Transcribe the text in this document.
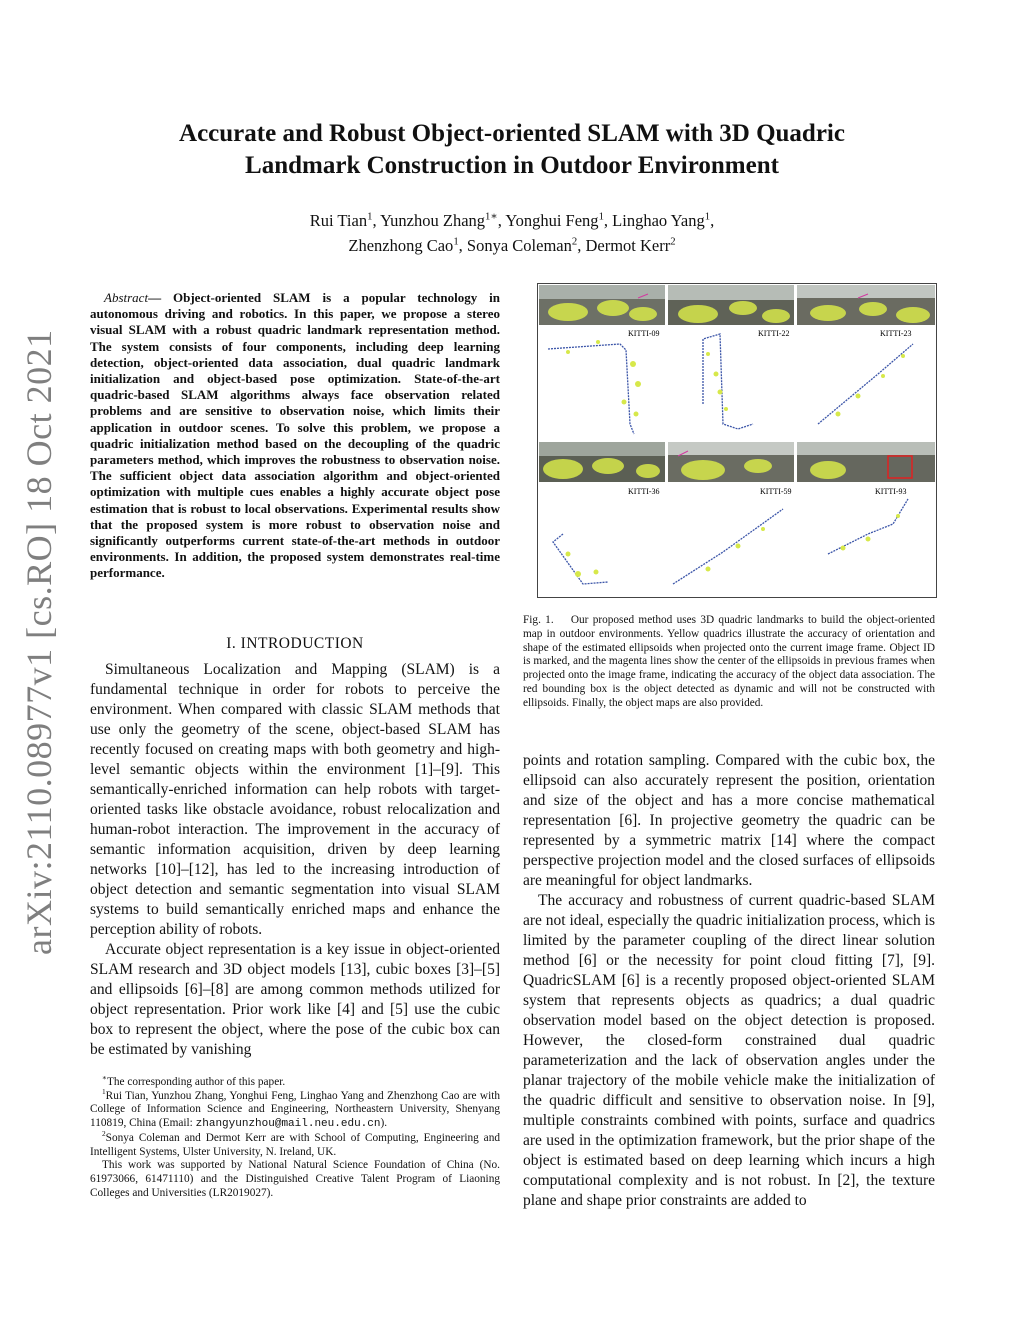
Accurate and Robust Object-oriented SLAM with 3D Quadric
Landmark Construction in Outdoor Environment
Rui Tian$^1$, Yunzhou Zhang$^{1∗}$, Yonghui Feng$^1$, Linghao Yang$^1$,
Zhenzhong Cao$^1$, Sonya Coleman$^2$, Dermot Kerr$^2$
arXiv:2110.08977v1 [cs.RO] 18 Oct 2021
Abstract— Object-oriented SLAM is a popular technology in autonomous driving and robotics. In this paper, we propose a stereo visual SLAM with a robust quadric landmark representation method. The system consists of four components, including deep learning detection, object-oriented data association, dual quadric landmark initialization and object-based pose optimization. State-of-the-art quadric-based SLAM algorithms always face observation related problems and are sensitive to observation noise, which limits their application in outdoor scenes. To solve this problem, we propose a quadric initialization method based on the decoupling of the quadric parameters method, which improves the robustness to observation noise. The sufficient object data association algorithm and object-oriented optimization with multiple cues enables a highly accurate object pose estimation that is robust to local observations. Experimental results show that the proposed system is more robust to observation noise and significantly outperforms current state-of-the-art methods in outdoor environments. In addition, the proposed system demonstrates real-time performance.
I. INTRODUCTION

Simultaneous Localization and Mapping (SLAM) is a fundamental technique in order for robots to perceive the environment. When compared with classic SLAM methods that use only the geometry of the scene, object-based SLAM has recently focused on creating maps with both geometry and high-level semantic objects within the environment [1]–[9]. This semantically-enriched information can help robots with target-oriented tasks like obstacle avoidance, robust relocalization and human-robot interaction. The improvement in the accuracy of semantic information acquisition, driven by deep learning networks [10]–[12], has led to the increasing introduction of object detection and semantic segmentation into visual SLAM systems to build semantically enriched maps and enhance the perception ability of robots.

Accurate object representation is a key issue in object-oriented SLAM research and 3D object models [13], cubic boxes [3]–[5] and ellipsoids [6]–[8] are among common methods utilized for object representation. Prior work like [4] and [5] use the cubic box to represent the object, where the pose of the cubic box can be estimated by vanishing

∗The corresponding author of this paper.

$^1$Rui Tian, Yunzhou Zhang, Yonghui Feng, Linghao Yang and Zhenzhong Cao are with College of Information Science and Engineering, Northeastern University, Shenyang 110819, China (Email: zhangyunzhou@mail.neu.edu.cn).

$^2$Sonya Coleman and Dermot Kerr are with School of Computing, Engineering and Intelligent Systems, Ulster University, N. Ireland, UK.

This work was supported by National Natural Science Foundation of China (No. 61973066, 61471110) and the Distinguished Creative Talent Program of Liaoning Colleges and Universities (LR2019027).

KITTI-09	KITTI-22	KITTI-23
KITTI-36	KITTI-59	KITTI-93
Fig. 1. Our proposed method uses 3D quadric landmarks to build the object-oriented map in outdoor environments. Yellow quadrics illustrate the accuracy of orientation and shape of the estimated ellipsoids when projected onto the current image frame. Object ID is marked, and the magenta lines show the center of the ellipsoids in previous frames when projected onto the image frame, indicating the accuracy of the object data association. The red bounding box is the object detected as dynamic and will not be constructed with ellipsoids. Finally, the object maps are also provided.

points and rotation sampling. Compared with the cubic box, the ellipsoid can also accurately represent the position, orientation and size of the object and has a more concise mathematical representation [6]. In projective geometry the quadric can be represented by a symmetric matrix [14] where the compact perspective projection model and the closed surfaces of ellipsoids are meaningful for object landmarks.

The accuracy and robustness of current quadric-based SLAM are not ideal, especially the quadric initialization process, which is limited by the parameter coupling of the direct linear solution method [6] or the necessity for point cloud fitting [7], [9]. QuadricSLAM [6] is a recently proposed object-oriented SLAM system that represents objects as quadrics; a dual quadric observation model based on the object detection is proposed. However, the closed-form constrained dual quadric parameterization and the lack of observation angles under the planar trajectory of the mobile vehicle make the initialization of the quadric difficult and sensitive to observation noise. In [9], multiple constraints combined with points, surface and quadrics are used in the optimization framework, but the prior shape of the object is estimated based on deep learning which incurs a high computational complexity and is not robust. In [2], the texture plane and shape prior constraints are added to
